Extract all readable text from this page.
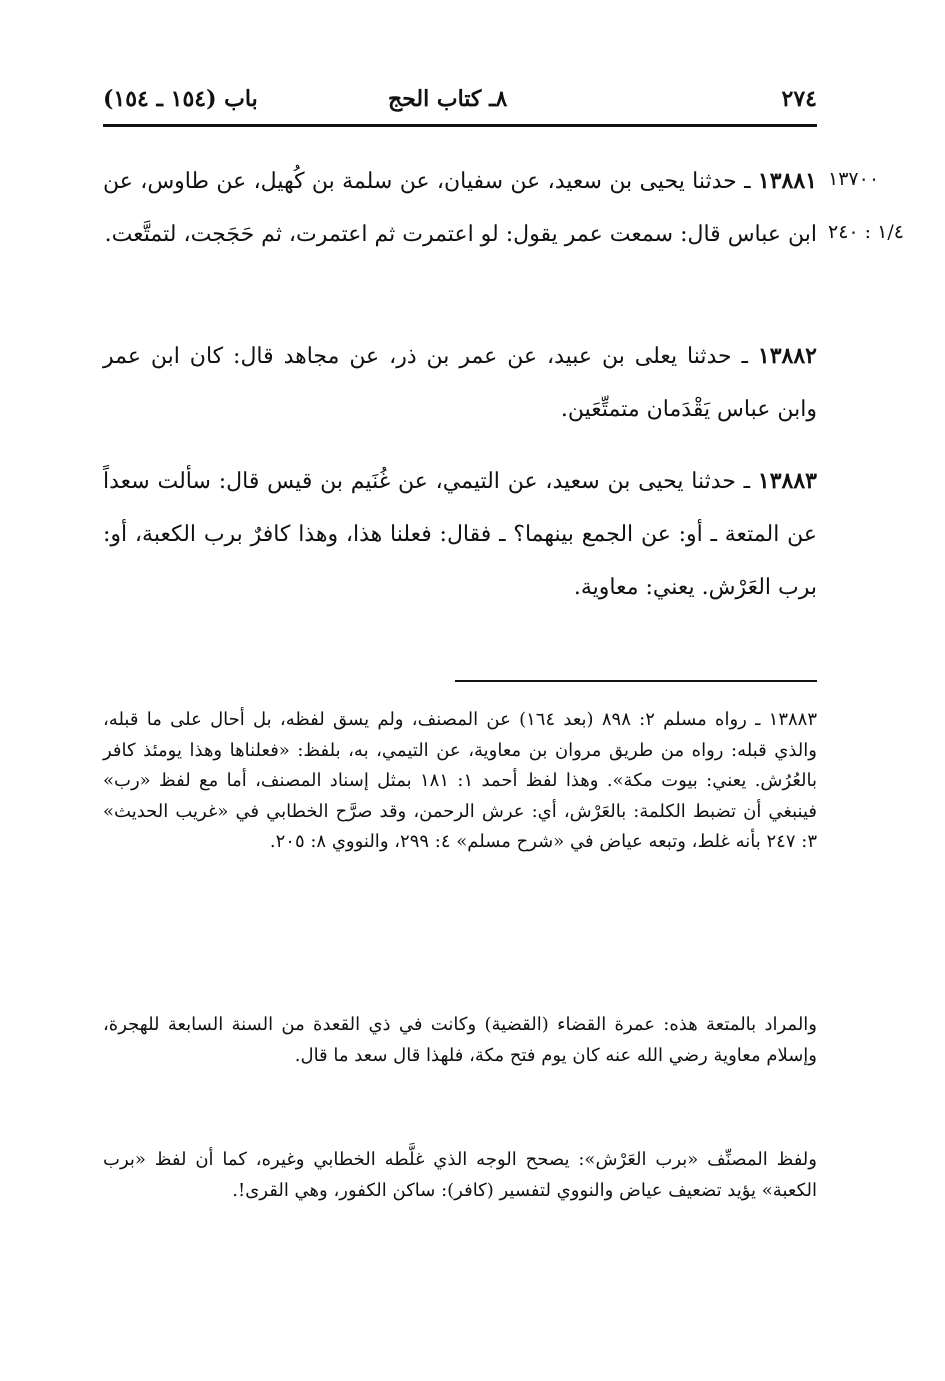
٢٧٤
٨ـ كتاب الحج
باب (١٥٤ ـ ١٥٤)
١٣٧٠٠
١/٤ : ٢٤٠
١٣٨٨١ ـ حدثنا يحيى بن سعيد، عن سفيان، عن سلمة بن كُهيل، عن طاوس، عن ابن عباس قال: سمعت عمر يقول: لو اعتمرت ثم اعتمرت، ثم حَجَجت، لتمتَّعت.
١٣٨٨٢ ـ حدثنا يعلى بن عبيد، عن عمر بن ذر، عن مجاهد قال: كان ابن عمر وابن عباس يَقْدَمان متمتِّعَين.
١٣٨٨٣ ـ حدثنا يحيى بن سعيد، عن التيمي، عن غُنَيم بن قيس قال: سألت سعداً عن المتعة ـ أو: عن الجمع بينهما؟ ـ فقال: فعلنا هذا، وهذا كافرٌ برب الكعبة، أو: برب العَرْش. يعني: معاوية.
١٣٨٨٣ ـ رواه مسلم ٢: ٨٩٨ (بعد ١٦٤) عن المصنف، ولم يسق لفظه، بل أحال على ما قبله، والذي قبله: رواه من طريق مروان بن معاوية، عن التيمي، به، بلفظ: «فعلناها وهذا يومئذ كافر بالعُرُش. يعني: بيوت مكة». وهذا لفظ أحمد ١: ١٨١ بمثل إسناد المصنف، أما مع لفظ «رب» فينبغي أن تضبط الكلمة: بالعَرْش، أي: عرش الرحمن، وقد صرَّح الخطابي في «غريب الحديث» ٣: ٢٤٧ بأنه غلط، وتبعه عياض في «شرح مسلم» ٤: ٢٩٩، والنووي ٨: ٢٠٥.
والمراد بالمتعة هذه: عمرة القضاء (القضية) وكانت في ذي القعدة من السنة السابعة للهجرة، وإسلام معاوية رضي الله عنه كان يوم فتح مكة، فلهذا قال سعد ما قال.
ولفظ المصنِّف «برب العَرْش»: يصحح الوجه الذي غلَّطه الخطابي وغيره، كما أن لفظ «برب الكعبة» يؤيد تضعيف عياض والنووي لتفسير (كافر): ساكن الكفور، وهي القرى!.
